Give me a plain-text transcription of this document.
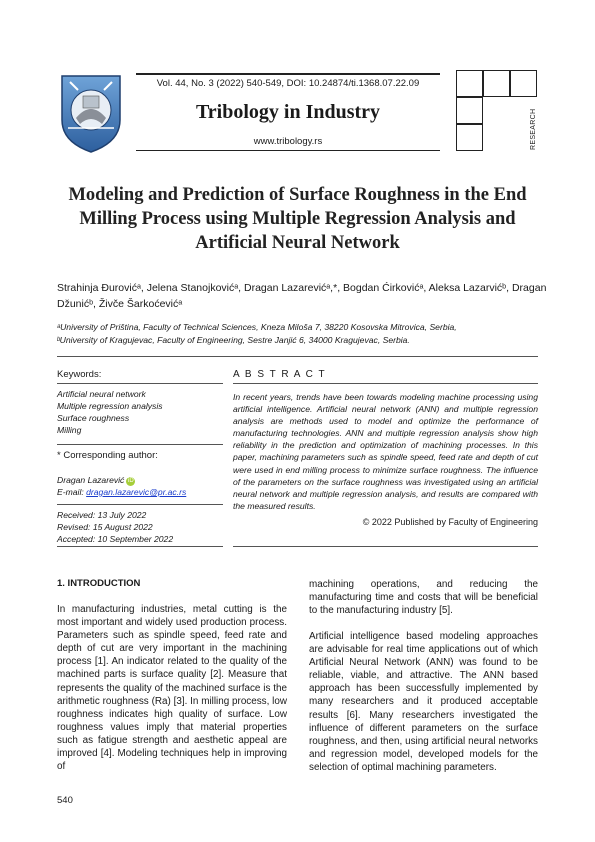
Vol. 44, No. 3 (2022) 540-549, DOI: 10.24874/ti.1368.07.22.09
Tribology in Industry
www.tribology.rs	RESEARCH
Modeling and Prediction of Surface Roughness in the End Milling Process using Multiple Regression Analysis and Artificial Neural Network
Strahinja Đurovićᵃ, Jelena Stanojkovićᵃ, Dragan Lazarevićᵃ,*, Bogdan Ćirkovićᵃ, Aleksa Lazarvićᵇ, Dragan Džunićᵇ, Živče Šarkoćevićᵃ
ᵃUniversity of Priština, Faculty of Technical Sciences, Kneza Miloša 7, 38220 Kosovska Mitrovica, Serbia,
ᵇUniversity of Kragujevac, Faculty of Engineering, Sestre Janjić 6, 34000 Kragujevac, Serbia.
Keywords:
Artificial neural network
Multiple regression analysis
Surface roughness
Milling
* Corresponding author:
Dragan Lazarević iD
E-mail: dragan.lazarevic@pr.ac.rs
Received: 13 July 2022
Revised: 15 August 2022
Accepted: 10 September 2022
A B S T R A C T
In recent years, trends have been towards modeling machine processing using artificial intelligence. Artificial neural network (ANN) and multiple regression analysis are methods used to model and optimize the performance of manufacturing technologies. ANN and multiple regression analysis show high reliability in the prediction and optimization of machining processes. In this paper, machining parameters such as spindle speed, feed rate and depth of cut were used in end milling process to minimize surface roughness. The influence of the parameters on the surface roughness was investigated using an artificial neural network and multiple regression analysis, and results are compared with the measured results.
© 2022 Published by Faculty of Engineering
1. INTRODUCTION
In manufacturing industries, metal cutting is the most important and widely used production process. Parameters such as spindle speed, feed rate and depth of cut are very important in the machining process [1]. An indicator related to the quality of the machined parts is surface quality [2]. Measure that represents the quality of the machined surface is the arithmetic roughness (Ra) [3]. In milling process, low roughness indicates high quality of surface. Low roughness values imply that material properties such as fatigue strength and aesthetic appeal are improved [4]. Modeling techniques help in improving of
machining operations, and reducing the manufacturing time and costs that will be beneficial to the manufacturing industry [5].
Artificial intelligence based modeling approaches are advisable for real time applications out of which Artificial Neural Network (ANN) was found to be reliable, viable, and attractive. The ANN based approach has been successfully implemented by many researchers and it produced acceptable results [6]. Many researchers investigated the influence of different parameters on the surface roughness, and then, using artificial neural networks and regression model, developed models for the selection of optimal machining parameters.
540
